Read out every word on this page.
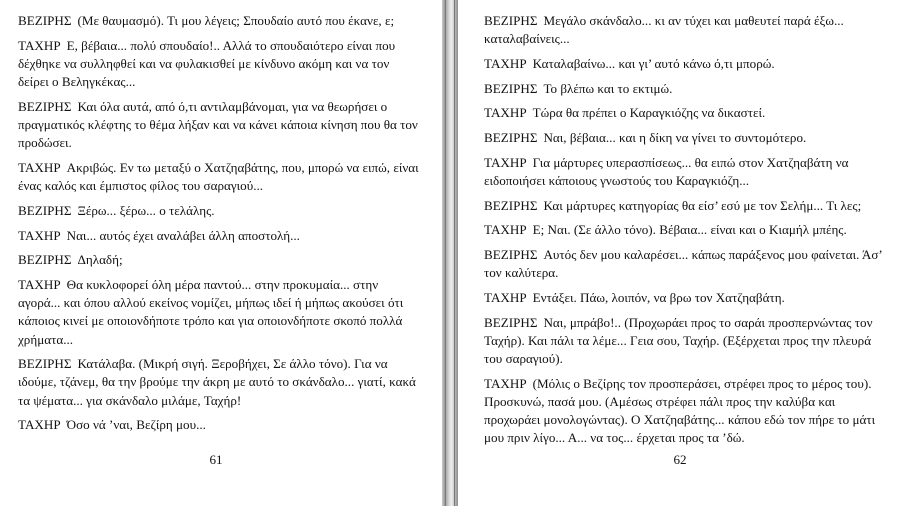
ΒΕΖΙΡΗΣ (Με θαυμασμό). Τι μου λέγεις; Σπουδαίο αυτό που έκανε, ε;

ΤΑΧΗΡ Ε, βέβαια... πολύ σπουδαίο!.. Αλλά το σπουδαιότερο είναι που δέχθηκε να συλληφθεί και να φυλακισθεί με κίνδυνο ακόμη και να τον δείρει ο Βεληγκέκας...

ΒΕΖΙΡΗΣ Και όλα αυτά, από ό,τι αντιλαμβάνομαι, για να θεωρήσει ο πραγματικός κλέφτης το θέμα λήξαν και να κάνει κάποια κίνηση που θα τον προδώσει.

ΤΑΧΗΡ Ακριβώς. Εν τω μεταξύ ο Χατζηαβάτης, που, μπορώ να ειπώ, είναι ένας καλός και έμπιστος φίλος του σαραγιού...

ΒΕΖΙΡΗΣ Ξέρω... ξέρω... ο τελάλης.

ΤΑΧΗΡ Ναι... αυτός έχει αναλάβει άλλη αποστολή...

ΒΕΖΙΡΗΣ Δηλαδή;

ΤΑΧΗΡ Θα κυκλοφορεί όλη μέρα παντού... στην προκυμαία... στην αγορά... και όπου αλλού εκείνος νομίζει, μήπως ιδεί ή μήπως ακούσει ότι κάποιος κινεί με οποιονδήποτε τρόπο και για οποιονδήποτε σκοπό πολλά χρήματα...

ΒΕΖΙΡΗΣ Κατάλαβα. (Μικρή σιγή. Ξεροβήχει, Σε άλλο τόνο). Για να ιδούμε, τζάνεμ, θα την βρούμε την άκρη με αυτό το σκάνδαλο... γιατί, κακά τα ψέματα... για σκάνδαλο μιλάμε, Ταχήρ!

ΤΑΧΗΡ Όσο νά ’ναι, Βεζίρη μου...

61

ΒΕΖΙΡΗΣ Μεγάλο σκάνδαλο... κι αν τύχει και μαθευτεί παρά έξω... καταλαβαίνεις...

ΤΑΧΗΡ Καταλαβαίνω... και γι’ αυτό κάνω ό,τι μπορώ.

ΒΕΖΙΡΗΣ Το βλέπω και το εκτιμώ.

ΤΑΧΗΡ Τώρα θα πρέπει ο Καραγκιόζης να δικαστεί.

ΒΕΖΙΡΗΣ Ναι, βέβαια... και η δίκη να γίνει το συντομότερο.

ΤΑΧΗΡ Για μάρτυρες υπερασπίσεως... θα ειπώ στον Χατζηαβάτη να ειδοποιήσει κάποιους γνωστούς του Καραγκιόζη...

ΒΕΖΙΡΗΣ Και μάρτυρες κατηγορίας θα είσ’ εσύ με τον Σελήμ... Τι λες;

ΤΑΧΗΡ Ε; Ναι. (Σε άλλο τόνο). Βέβαια... είναι και ο Κιαμήλ μπέης.

ΒΕΖΙΡΗΣ Αυτός δεν μου καλαρέσει... κάπως παράξενος μου φαίνεται. Άσ’ τον καλύτερα.

ΤΑΧΗΡ Εντάξει. Πάω, λοιπόν, να βρω τον Χατζηαβάτη.

ΒΕΖΙΡΗΣ Ναι, μπράβο!.. (Προχωράει προς το σαράι προσπερνώντας τον Ταχήρ). Και πάλι τα λέμε... Γεια σου, Ταχήρ. (Εξέρχεται προς την πλευρά του σαραγιού).

ΤΑΧΗΡ (Μόλις ο Βεζίρης τον προσπεράσει, στρέφει προς το μέρος του). Προσκυνώ, πασά μου. (Αμέσως στρέφει πάλι προς την καλύβα και προχωράει μονολογώντας). Ο Χατζηαβάτης... κάπου εδώ τον πήρε το μάτι μου πριν λίγο... Α... να τος... έρχεται προς τα ’δώ.

62
